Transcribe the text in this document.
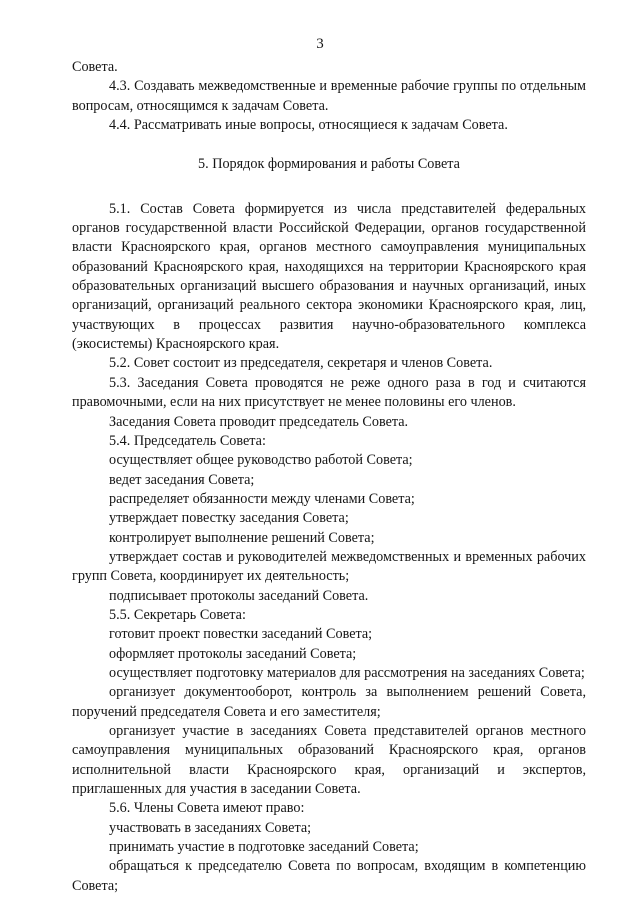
3

Совета.

4.3. Создавать межведомственные и временные рабочие группы по отдельным вопросам, относящимся к задачам Совета.

4.4. Рассматривать иные вопросы, относящиеся к задачам Совета.

5. Порядок формирования и работы Совета

5.1. Состав Совета формируется из числа представителей федеральных органов государственной власти Российской Федерации, органов государственной власти Красноярского края, органов местного самоуправления муниципальных образований Красноярского края, находящихся на территории Красноярского края образовательных организаций высшего образования и научных организаций, иных организаций, организаций реального сектора экономики Красноярского края, лиц, участвующих в процессах развития научно-образовательного комплекса (экосистемы) Красноярского края.

5.2. Совет состоит из председателя, секретаря и членов Совета.

5.3. Заседания Совета проводятся не реже одного раза в год и считаются правомочными, если на них присутствует не менее половины его членов.

Заседания Совета проводит председатель Совета.

5.4. Председатель Совета:

осуществляет общее руководство работой Совета;

ведет заседания Совета;

распределяет обязанности между членами Совета;

утверждает повестку заседания Совета;

контролирует выполнение решений Совета;

утверждает состав и руководителей межведомственных и временных рабочих групп Совета, координирует их деятельность;

подписывает протоколы заседаний Совета.

5.5. Секретарь Совета:

готовит проект повестки заседаний Совета;

оформляет протоколы заседаний Совета;

осуществляет подготовку материалов для рассмотрения на заседаниях Совета;

организует документооборот, контроль за выполнением решений Совета, поручений председателя Совета и его заместителя;

организует участие в заседаниях Совета представителей органов местного самоуправления муниципальных образований Красноярского края, органов исполнительной власти Красноярского края, организаций и экспертов, приглашенных для участия в заседании Совета.

5.6. Члены Совета имеют право:

участвовать в заседаниях Совета;

принимать участие в подготовке заседаний Совета;

обращаться к председателю Совета по вопросам, входящим в компетенцию Совета;
